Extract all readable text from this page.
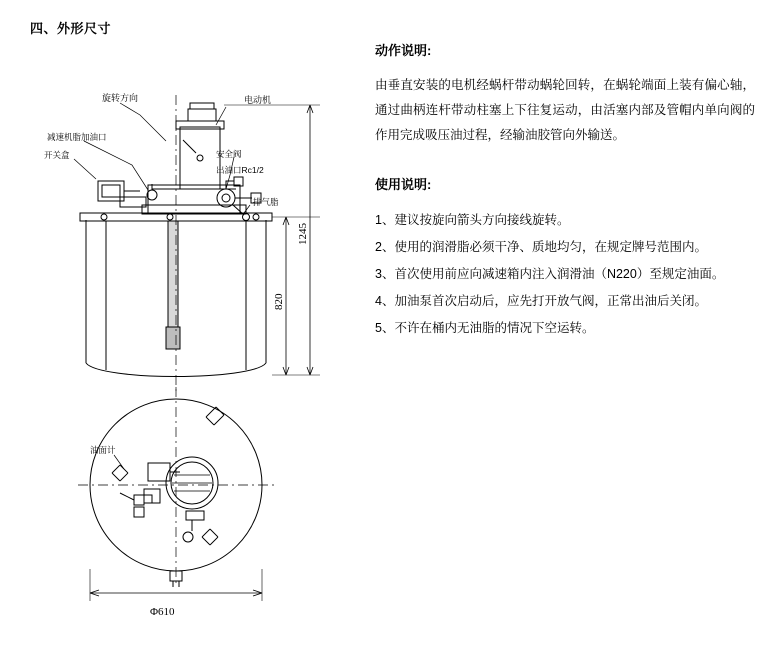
四、外形尺寸
旋转方向	电动机
减速机脂加油口
开关盒	安全阀
出油口Rc1/2
排气脂
油面计
1245
820
Φ610
动作说明:

由垂直安装的电机经蜗杆带动蜗轮回转，在蜗轮端面上装有偏心轴，通过曲柄连杆带动柱塞上下往复运动，由活塞内部及管帽内单向阀的作用完成吸压油过程，经输油胶管向外输送。

使用说明:
1、建议按旋向箭头方向接线旋转。
2、使用的润滑脂必须干净、质地均匀，在规定牌号范围内。
3、首次使用前应向减速箱内注入润滑油（N220）至规定油面。
4、加油泵首次启动后，应先打开放气阀，正常出油后关闭。
5、不许在桶内无油脂的情况下空运转。
